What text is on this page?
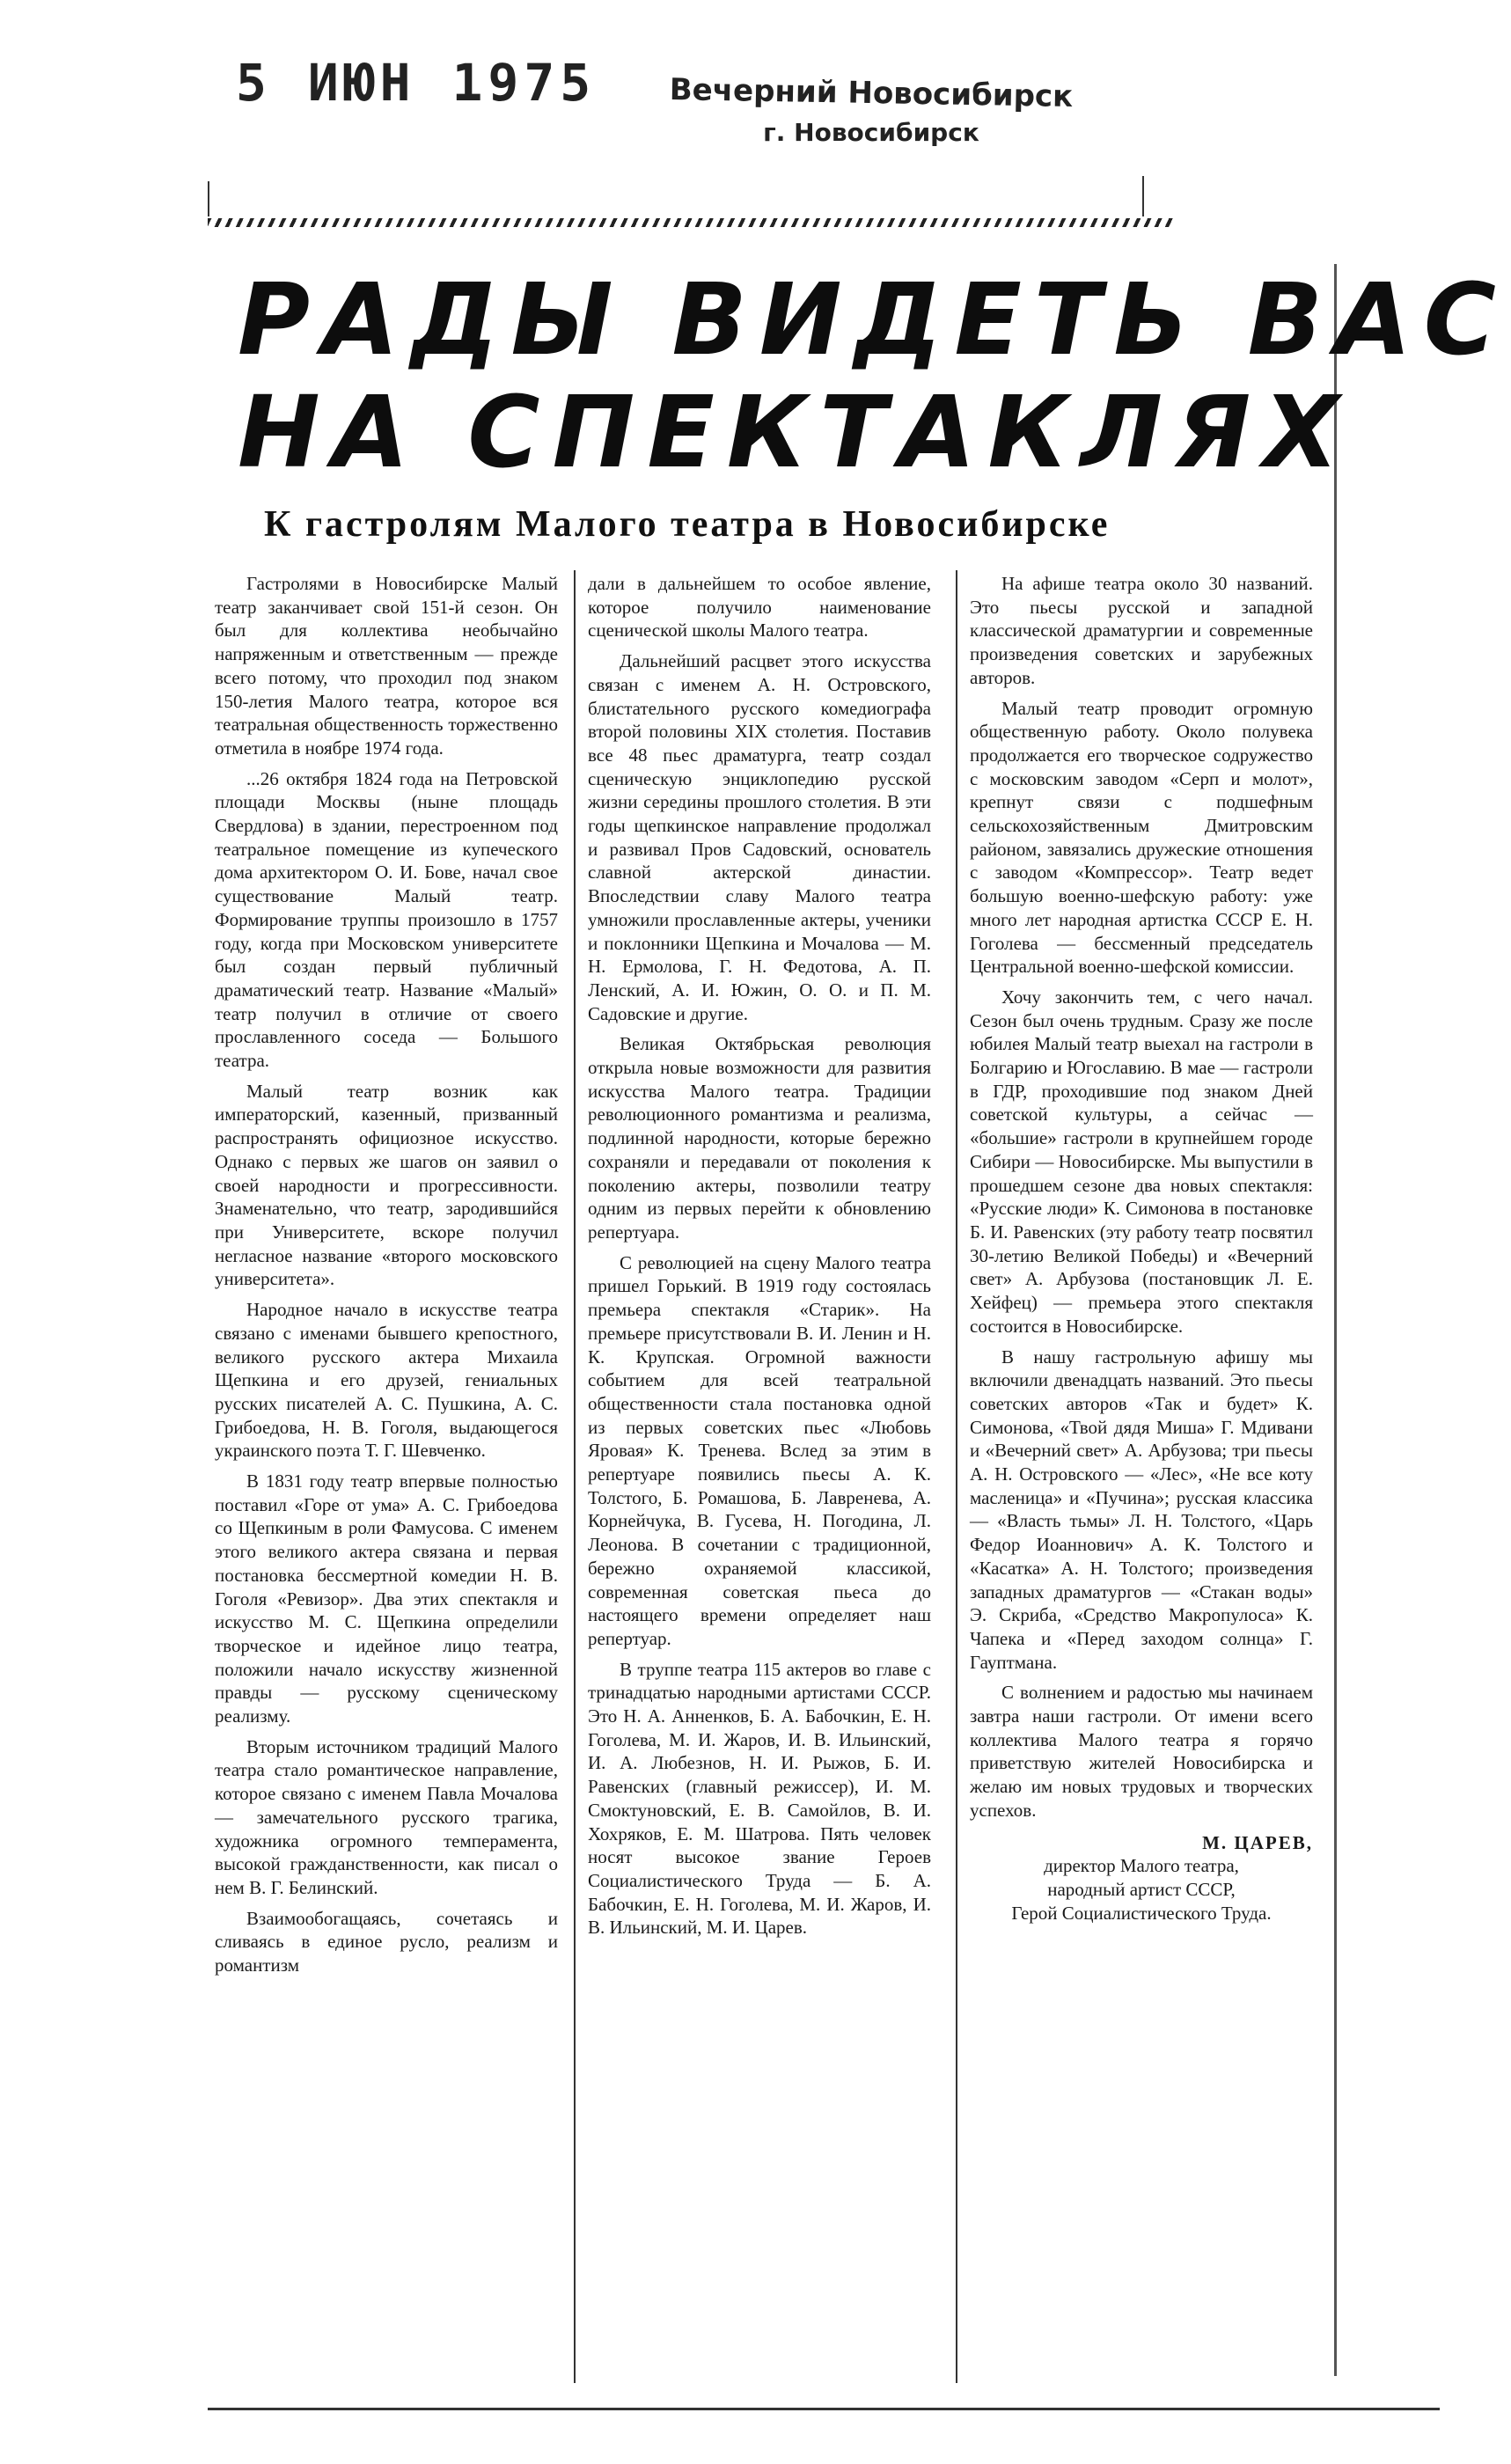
5 ИЮН 1975 Вечерний Новосибирск
г. Новосибирск
РАДЫ ВИДЕТЬ ВАС
НА СПЕКТАКЛЯХ
К гастролям Малого театра в Новосибирске

Гастролями в Новосибирске Малый театр заканчивает свой 151-й сезон. Он был для коллектива необычайно напряженным и ответственным — прежде всего потому, что проходил под знаком 150-летия Малого театра, которое вся театральная общественность торжественно отметила в ноябре 1974 года.

...26 октября 1824 года на Петровской площади Москвы (ныне площадь Свердлова) в здании, перестроенном под театральное помещение из купеческого дома архитектором О. И. Бове, начал свое существование Малый театр. Формирование труппы произошло в 1757 году, когда при Московском университете был создан первый публичный драматический театр. Название «Малый» театр получил в отличие от своего прославленного соседа — Большого театра.

Малый театр возник как императорский, казенный, призванный распространять официозное искусство. Однако с первых же шагов он заявил о своей народности и прогрессивности. Знаменательно, что театр, зародившийся при Университете, вскоре получил негласное название «второго московского университета».

Народное начало в искусстве театра связано с именами бывшего крепостного, великого русского актера Михаила Щепкина и его друзей, гениальных русских писателей А. С. Пушкина, А. С. Грибоедова, Н. В. Гоголя, выдающегося украинского поэта Т. Г. Шевченко.

В 1831 году театр впервые полностью поставил «Горе от ума» А. С. Грибоедова со Щепкиным в роли Фамусова. С именем этого великого актера связана и первая постановка бессмертной комедии Н. В. Гоголя «Ревизор». Два этих спектакля и искусство М. С. Щепкина определили творческое и идейное лицо театра, положили начало искусству жизненной правды — русскому сценическому реализму.

Вторым источником традиций Малого театра стало романтическое направление, которое связано с именем Павла Мочалова — замечательного русского трагика, художника огромного темперамента, высокой гражданственности, как писал о нем В. Г. Белинский.

Взаимообогащаясь, сочетаясь и сливаясь в единое русло, реализм и романтизм

дали в дальнейшем то особое явление, которое получило наименование сценической школы Малого театра.

Дальнейший расцвет этого искусства связан с именем А. Н. Островского, блистательного русского комедиографа второй половины XIX столетия. Поставив все 48 пьес драматурга, театр создал сценическую энциклопедию русской жизни середины прошлого столетия. В эти годы щепкинское направление продолжал и развивал Пров Садовский, основатель славной актерской династии. Впоследствии славу Малого театра умножили прославленные актеры, ученики и поклонники Щепкина и Мочалова — М. Н. Ермолова, Г. Н. Федотова, А. П. Ленский, А. И. Южин, О. О. и П. М. Садовские и другие.

Великая Октябрьская революция открыла новые возможности для развития искусства Малого театра. Традиции революционного романтизма и реализма, подлинной народности, которые бережно сохраняли и передавали от поколения к поколению актеры, позволили театру одним из первых перейти к обновлению репертуара.

С революцией на сцену Малого театра пришел Горький. В 1919 году состоялась премьера спектакля «Старик». На премьере присутствовали В. И. Ленин и Н. К. Крупская. Огромной важности событием для всей театральной общественности стала постановка одной из первых советских пьес «Любовь Яровая» К. Тренева. Вслед за этим в репертуаре появились пьесы А. К. Толстого, Б. Ромашова, Б. Лавренева, А. Корнейчука, В. Гусева, Н. Погодина, Л. Леонова. В сочетании с традиционной, бережно охраняемой классикой, современная советская пьеса до настоящего времени определяет наш репертуар.

В труппе театра 115 актеров во главе с тринадцатью народными артистами СССР. Это Н. А. Анненков, Б. А. Бабочкин, Е. Н. Гоголева, М. И. Жаров, И. В. Ильинский, И. А. Любезнов, Н. И. Рыжов, Б. И. Равенских (главный режиссер), И. М. Смоктуновский, Е. В. Самойлов, В. И. Хохряков, Е. М. Шатрова. Пять человек носят высокое звание Героев Социалистического Труда — Б. А. Бабочкин, Е. Н. Гоголева, М. И. Жаров, И. В. Ильинский, М. И. Царев.

На афише театра около 30 названий. Это пьесы русской и западной классической драматургии и современные произведения советских и зарубежных авторов.

Малый театр проводит огромную общественную работу. Около полувека продолжается его творческое содружество с московским заводом «Серп и молот», крепнут связи с подшефным сельскохозяйственным Дмитровским районом, завязались дружеские отношения с заводом «Компрессор». Театр ведет большую военно-шефскую работу: уже много лет народная артистка СССР Е. Н. Гоголева — бессменный председатель Центральной военно-шефской комиссии.

Хочу закончить тем, с чего начал. Сезон был очень трудным. Сразу же после юбилея Малый театр выехал на гастроли в Болгарию и Югославию. В мае — гастроли в ГДР, проходившие под знаком Дней советской культуры, а сейчас — «большие» гастроли в крупнейшем городе Сибири — Новосибирске. Мы выпустили в прошедшем сезоне два новых спектакля: «Русские люди» К. Симонова в постановке Б. И. Равенских (эту работу театр посвятил 30-летию Великой Победы) и «Вечерний свет» А. Арбузова (постановщик Л. Е. Хейфец) — премьера этого спектакля состоится в Новосибирске.

В нашу гастрольную афишу мы включили двенадцать названий. Это пьесы советских авторов «Так и будет» К. Симонова, «Твой дядя Миша» Г. Мдивани и «Вечерний свет» А. Арбузова; три пьесы А. Н. Островского — «Лес», «Не все коту масленица» и «Пучина»; русская классика — «Власть тьмы» Л. Н. Толстого, «Царь Федор Иоаннович» А. К. Толстого и «Касатка» А. Н. Толстого; произведения западных драматургов — «Стакан воды» Э. Скриба, «Средство Макропулоса» К. Чапека и «Перед заходом солнца» Г. Гауптмана.

С волнением и радостью мы начинаем завтра наши гастроли. От имени всего коллектива Малого театра я горячо приветствую жителей Новосибирска и желаю им новых трудовых и творческих успехов.

М. ЦАРЕВ,

директор Малого театра,

народный артист СССР,

Герой Социалистического Труда.
